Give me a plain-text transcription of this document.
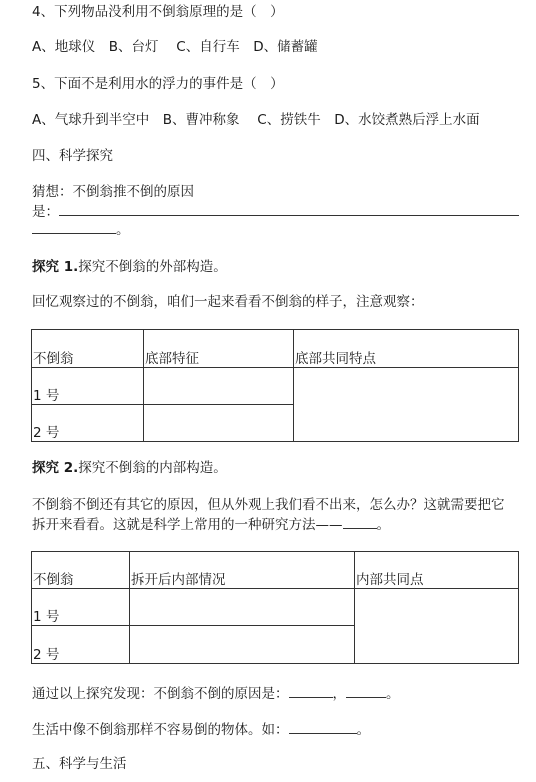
4、下列物品没利用不倒翁原理的是（　）
A、地球仪　B、台灯　 C、自行车　D、储蓄罐
5、下面不是利用水的浮力的事件是（　）
A、气球升到半空中　B、曹冲称象　 C、捞铁牛　D、水饺煮熟后浮上水面
四、科学探究
猜想：不倒翁推不倒的原因
是：
。
探究 1.探究不倒翁的外部构造。
回忆观察过的不倒翁，咱们一起来看看不倒翁的样子，注意观察：
不倒翁	底部特征	底部共同特点

1 号		

2 号		

探究 2.探究不倒翁的内部构造。
不倒翁不倒还有其它的原因，但从外观上我们看不出来，怎么办？这就需要把它
拆开来看看。这就是科学上常用的一种研究方法——	。
不倒翁	拆开后内部情况	内部共同点

1 号		

2 号		

通过以上探究发现：不倒翁不倒的原因是：	，	。
生活中像不倒翁那样不容易倒的物体。如：	。
五、科学与生活
